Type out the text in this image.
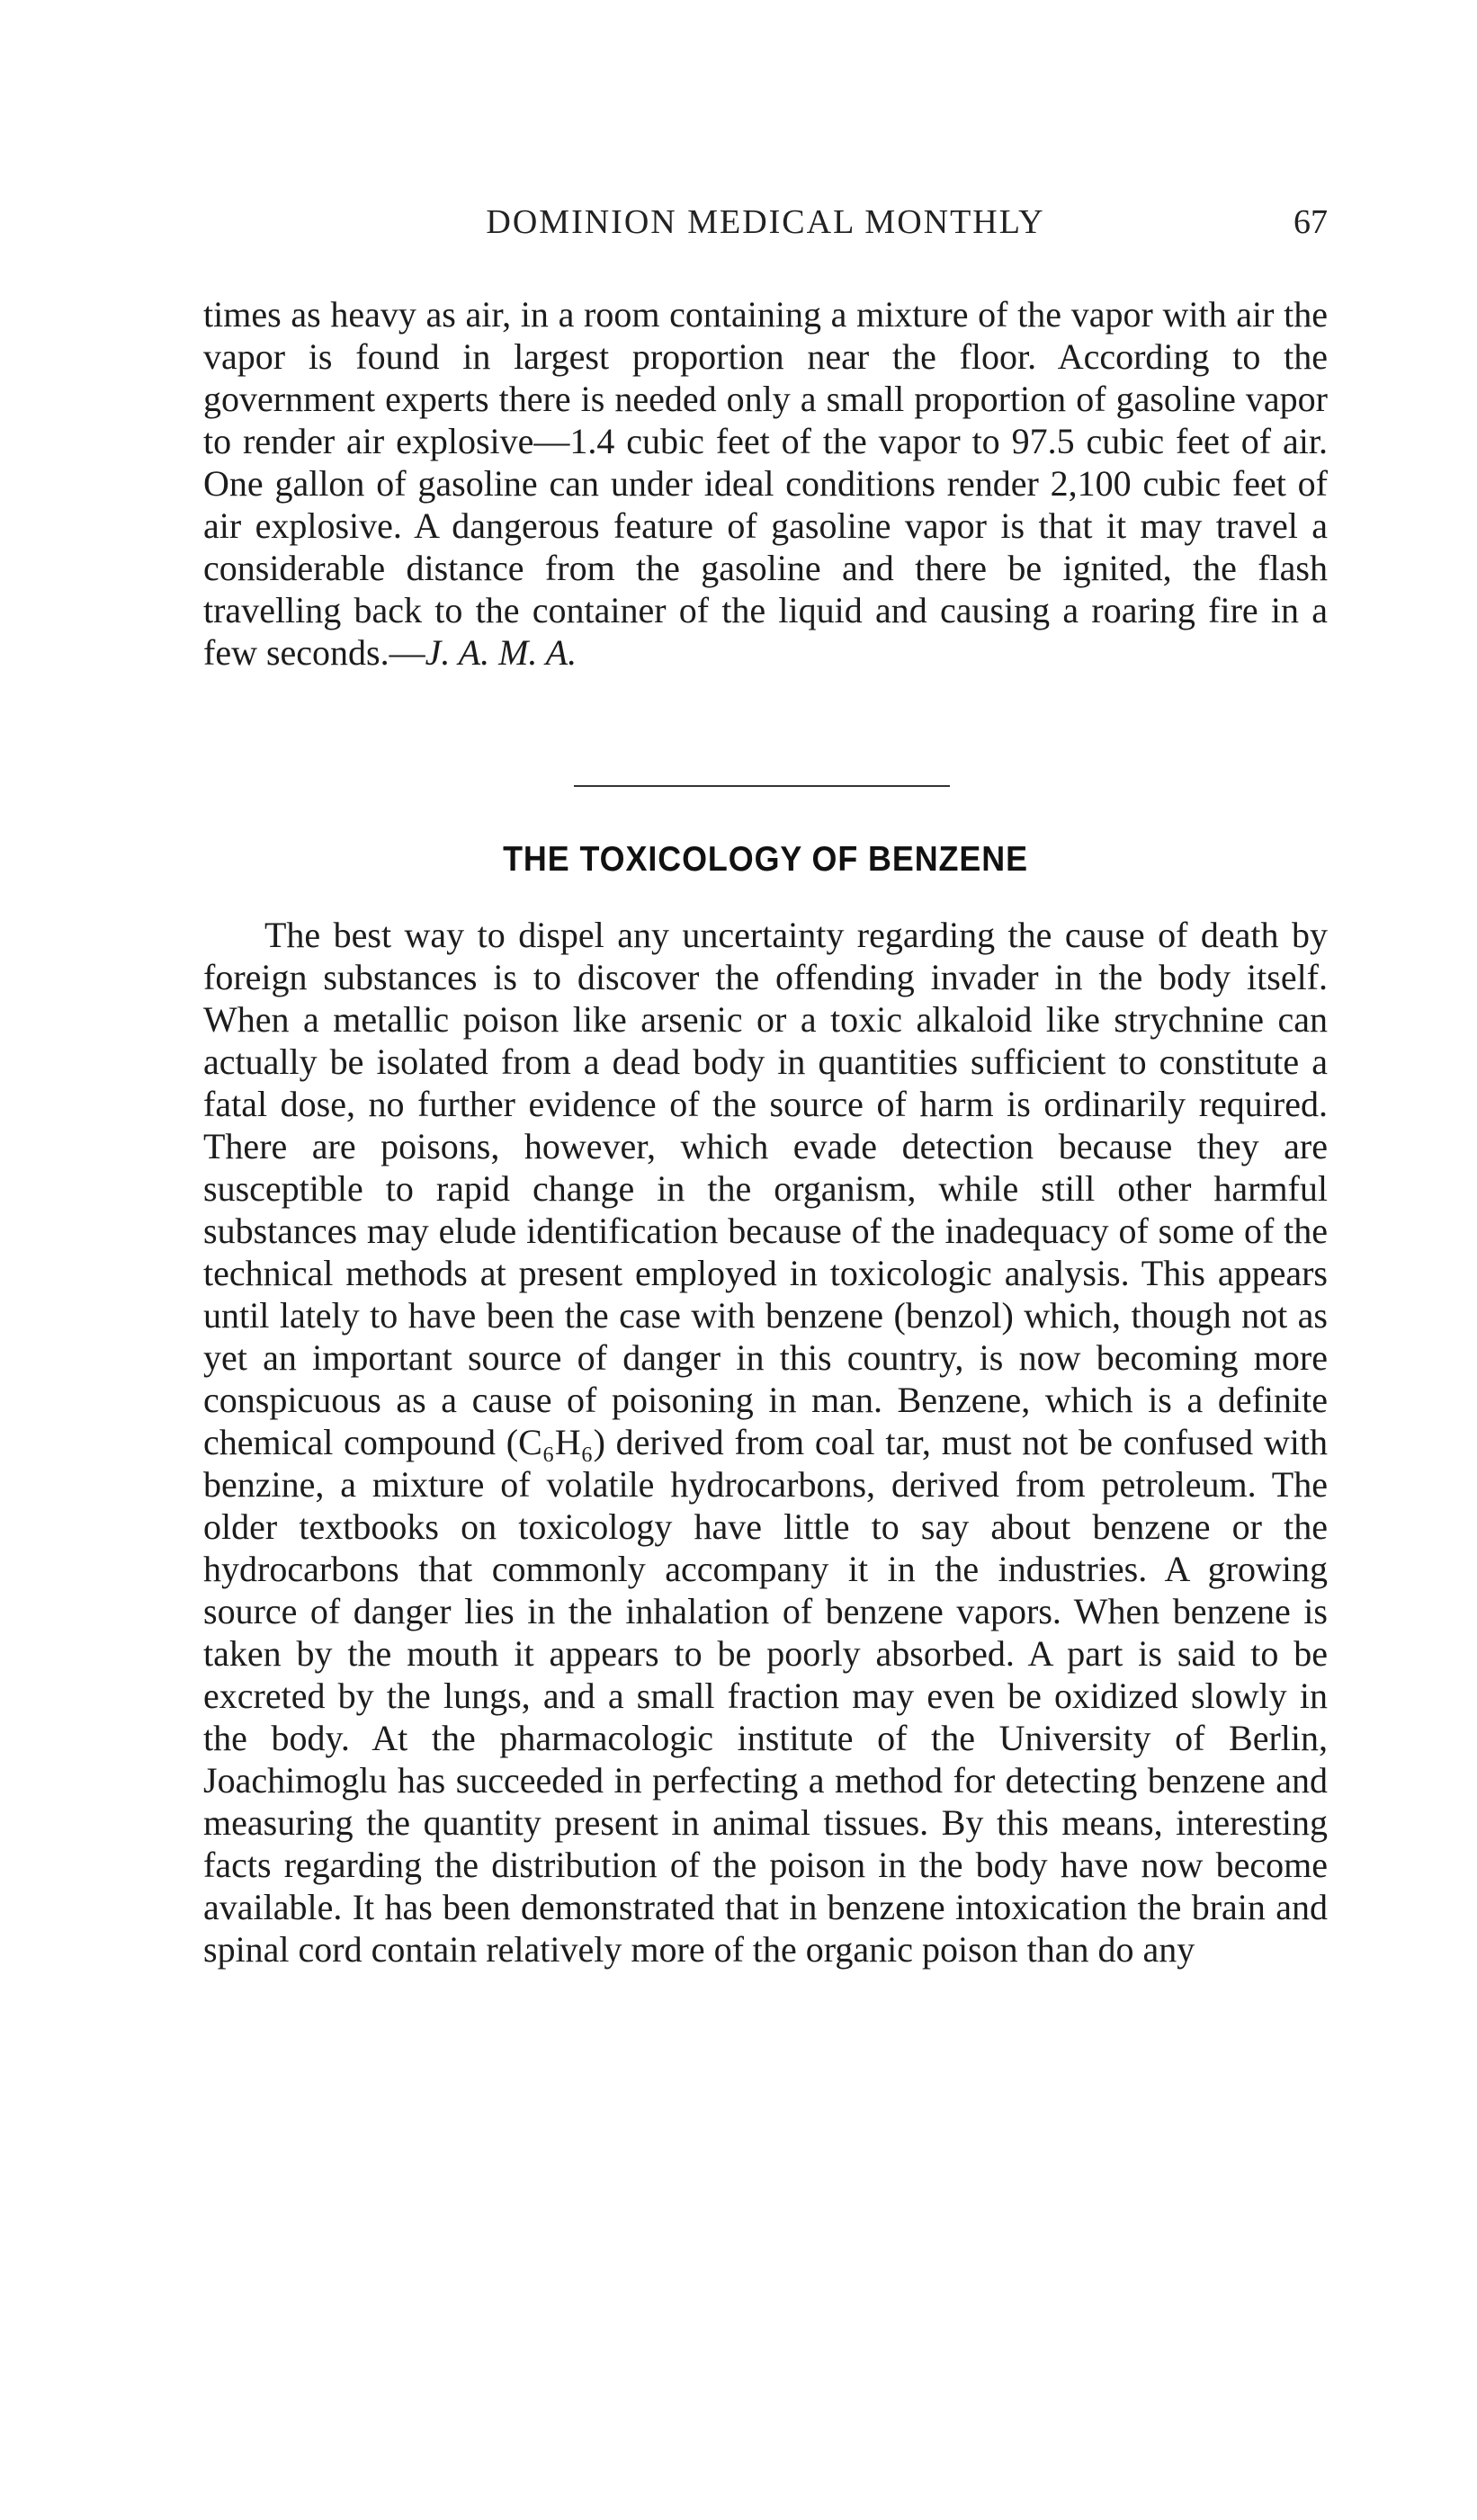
DOMINION MEDICAL MONTHLY	67

times as heavy as air, in a room containing a mixture of the vapor with air the vapor is found in largest proportion near the floor. According to the government experts there is needed only a small proportion of gasoline vapor to render air explosive—1.4 cubic feet of the vapor to 97.5 cubic feet of air. One gallon of gasoline can under ideal conditions render 2,100 cubic feet of air explosive. A dangerous feature of gasoline vapor is that it may travel a considerable distance from the gasoline and there be ignited, the flash travelling back to the container of the liquid and causing a roaring fire in a few seconds.—J. A. M. A.

THE TOXICOLOGY OF BENZENE

The best way to dispel any uncertainty regarding the cause of death by foreign substances is to discover the offending invader in the body itself. When a metallic poison like arsenic or a toxic alkaloid like strychnine can actually be isolated from a dead body in quantities sufficient to constitute a fatal dose, no further evidence of the source of harm is ordinarily required. There are poisons, however, which evade detection because they are susceptible to rapid change in the organism, while still other harmful substances may elude identification because of the inadequacy of some of the technical methods at present employed in toxicologic analysis. This appears until lately to have been the case with benzene (benzol) which, though not as yet an important source of danger in this country, is now becoming more conspicuous as a cause of poisoning in man. Benzene, which is a definite chemical compound (C₆H₆) derived from coal tar, must not be confused with benzine, a mixture of volatile hydrocarbons, derived from petroleum. The older textbooks on toxicology have little to say about benzene or the hydrocarbons that commonly accompany it in the industries. A growing source of danger lies in the inhalation of benzene vapors. When benzene is taken by the mouth it appears to be poorly absorbed. A part is said to be excreted by the lungs, and a small fraction may even be oxidized slowly in the body. At the pharmacologic institute of the University of Berlin, Joachimoglu has succeeded in perfecting a method for detecting benzene and measuring the quantity present in animal tissues. By this means, interesting facts regarding the distribution of the poison in the body have now become available. It has been demonstrated that in benzene intoxication the brain and spinal cord contain relatively more of the organic poison than do any
